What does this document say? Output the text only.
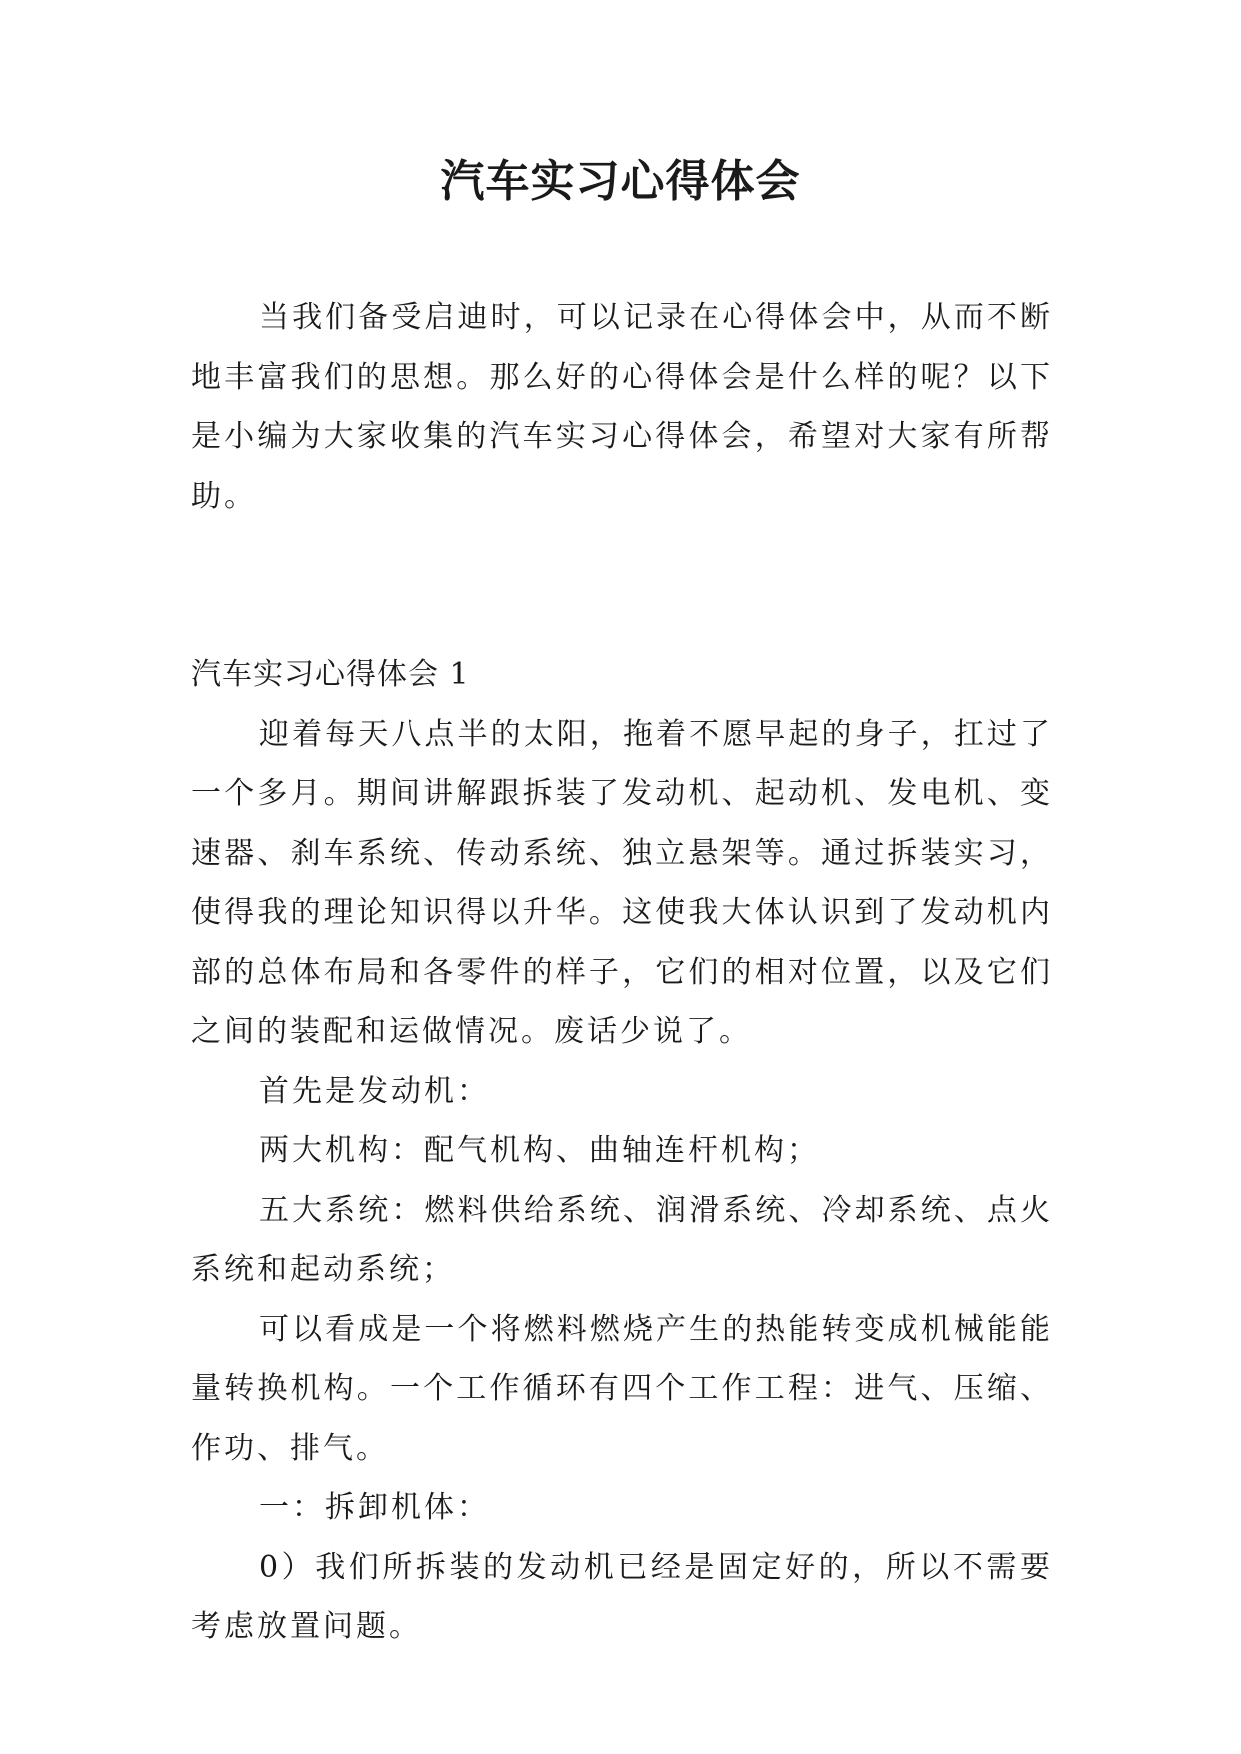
汽车实习心得体会

当我们备受启迪时，可以记录在心得体会中，从而不断地丰富我们的思想。那么好的心得体会是什么样的呢？以下是小编为大家收集的汽车实习心得体会，希望对大家有所帮助。

汽车实习心得体会 1

迎着每天八点半的太阳，拖着不愿早起的身子，扛过了一个多月。期间讲解跟拆装了发动机、起动机、发电机、变速器、刹车系统、传动系统、独立悬架等。通过拆装实习，使得我的理论知识得以升华。这使我大体认识到了发动机内部的总体布局和各零件的样子，它们的相对位置，以及它们之间的装配和运做情况。废话少说了。

首先是发动机：

两大机构：配气机构、曲轴连杆机构；

五大系统：燃料供给系统、润滑系统、冷却系统、点火系统和起动系统；

可以看成是一个将燃料燃烧产生的热能转变成机械能能量转换机构。一个工作循环有四个工作工程：进气、压缩、作功、排气。

一：拆卸机体：

0）我们所拆装的发动机已经是固定好的，所以不需要考虑放置问题。
